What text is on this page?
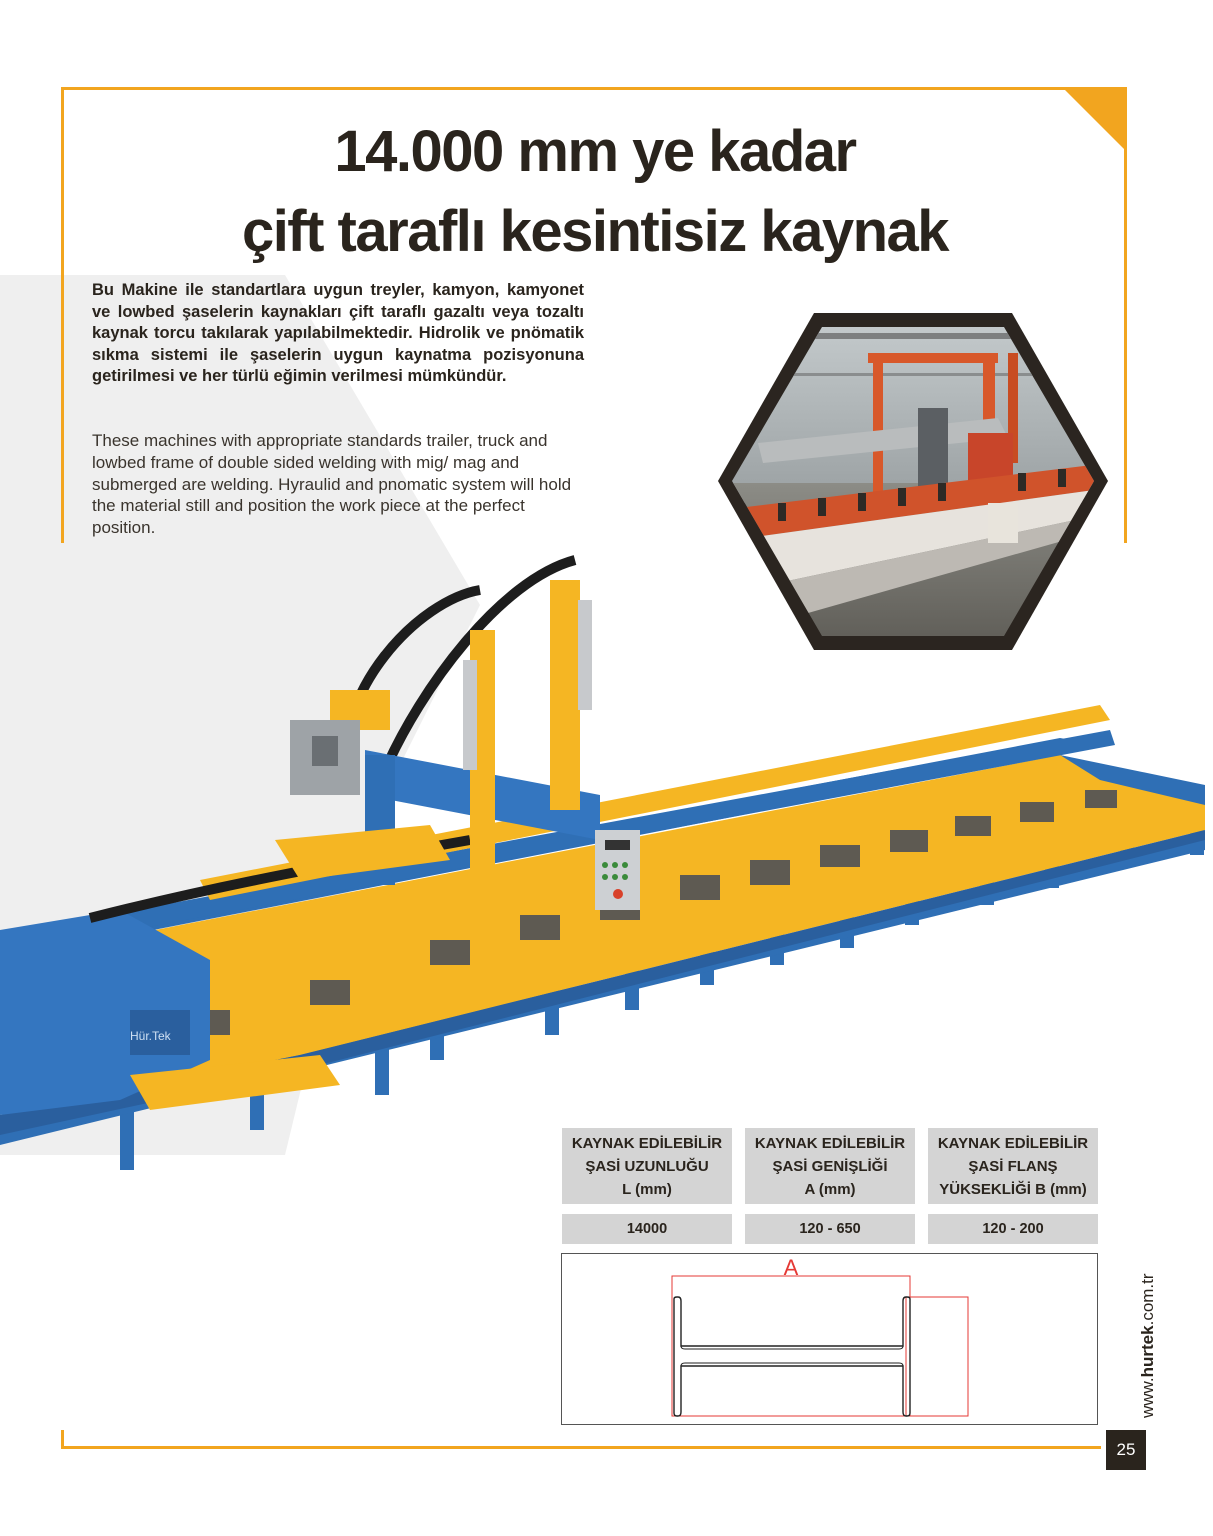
14.000 mm ye kadar
çift taraflı kesintisiz kaynak

Bu Makine ile standartlara uygun treyler, kamyon, kamyonet ve lowbed şaselerin kaynakları çift taraflı gazaltı veya tozaltı kaynak torcu takılarak yapılabilmektedir. Hidrolik ve pnömatik sıkma sistemi ile şaselerin uygun kaynatma pozisyonuna getirilmesi ve her türlü eğimin verilmesi mümkündür.

These machines with appropriate standards trailer, truck and lowbed frame of double sided welding with mig/ mag and submerged are welding. Hyraulid and pnomatic system will hold the material still and position the work piece at the perfect position.

Hür.Tek
KAYNAK EDİLEBİLİR
ŞASİ UZUNLUĞU
L (mm)
KAYNAK EDİLEBİLİR
ŞASİ GENİŞLİĞİ
A (mm)
KAYNAK EDİLEBİLİR
ŞASİ FLANŞ
YÜKSEKLİĞİ B (mm)
14000	120 - 650	120 - 200
A
www.hurtek.com.tr
25
